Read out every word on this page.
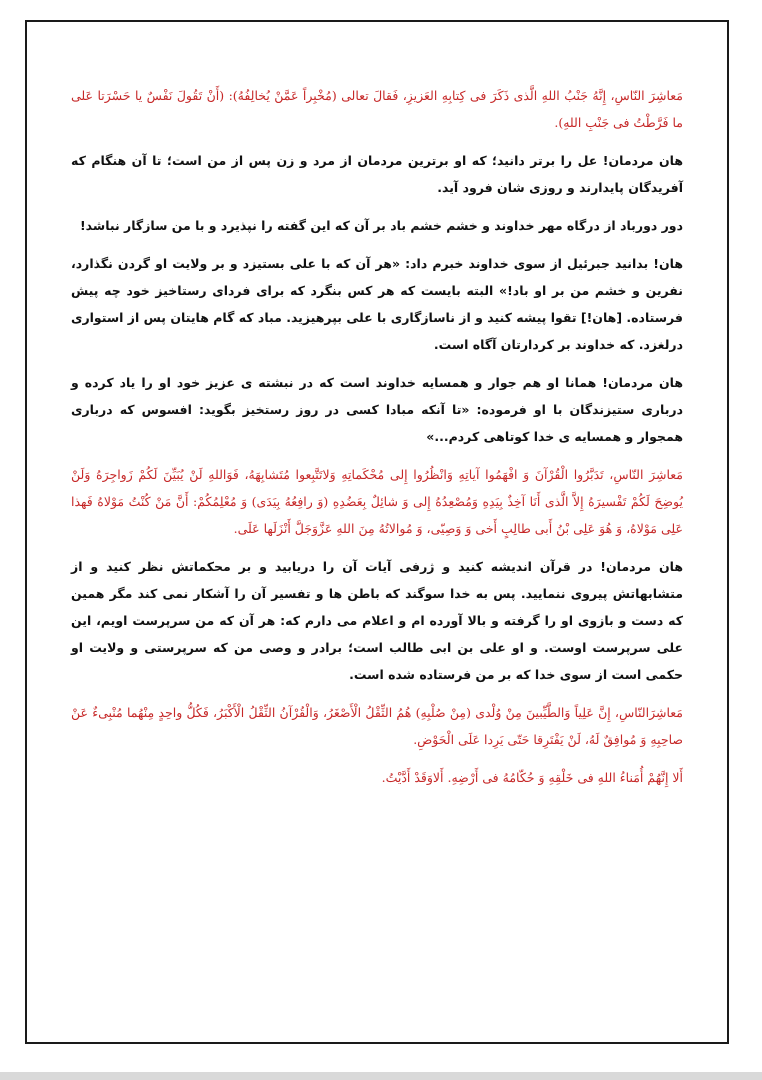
مَعاشِرَ النّاسِ، إِنَّهُ جَنْبُ اللهِ الَّذی ذَکَرَ فی کِتابِهِ العَزیزِ، فَقالَ تعالی (مُخْبِراً عَمَّنْ یُخالِفُهُ): (أَنْ تَقُولَ نَفْسٌ یا حَسْرَتا عَلی ما فَرَّطْتُ فی جَنْبِ اللهِ).

هان مردمان! عل را برتر دانید؛ كه او برترين مردمان از مرد و زن پس از من است؛ تا آن هنگام كه آفريدگان پايدارند و روزى شان فرود آيد.

دور دورباد از درگاه مهر خداوند و خشم خشم باد بر آن كه اين گفته را نپذيرد و با من سازگار نباشد!

هان! بدانيد جبرئيل از سوى خداوند خبرم داد: «هر آن كه با على بستيزد و بر ولايت او گردن نگذارد، نفرين و خشم من بر او باد!» البته بايست كه هر كس بنگرد كه براى فرداى رستاخيز خود چه پيش فرستاده. [هان!] تقوا پيشه كنيد و از ناسازگارى با على بپرهيزيد. مباد كه گام هايتان پس از استوارى درلغزد. كه خداوند بر كردارتان آگاه است.

هان مردمان! همانا او هم جوار و همسايه خداوند است كه در نبشته ى عزيز خود او را ياد كرده و دربارى ستيزندگان با او فرموده: «تا آنكه مبادا كسى در روز رستخيز بگويد: افسوس كه دربارى همجوار و همسايه ى خدا كوتاهى كردم...»

مَعاشِرَ النّاسِ، تَدَبَّرُوا الْقُرْآنَ وَ افْهَمُوا آیاتِهِ وَانْظُرُوا إِلی مُحْکَماتِهِ وَلاتَتَّبِعوا مُتَشابِهَهُ، فَوَاللهِ لَنْ یُبَیِّنَ لَکُمْ زَواجِرَهُ وَلَنْ یُوضِحَ لَکُمْ تَفْسیرَهُ إِلاَّ الَّذی أَنَا آخِذٌ بِیَدِهِ وَمُصْعِدُهُ إِلی وَ شائِلٌ بِعَضُدِهِ (وَ رافِعُهُ بِیَدَی) وَ مُعْلِمُکُمْ: أَنَّ مَنْ کُنْتُ مَوْلاهُ فَهذا عَلِی مَوْلاهُ، وَ هُوَ عَلِی بْنُ أَبی طالِبٍ أَخی وَ وَصِیّی، وَ مُوالاتُهُ مِنَ اللهِ عَزَّوَجَلَّ أَنْزَلَها عَلَی.

هان مردمان! در قرآن انديشه كنيد و ژرفى آيات آن را دريابيد و بر محكماتش نظر كنيد و از متشابهاتش پيروى ننماييد. پس به خدا سوگند كه باطن ها و تفسير آن را آشكار نمى كند مگر همين كه دست و بازوى او را گرفته و بالا آورده ام و اعلام مى دارم كه: هر آن كه من سرپرست اويم، اين على سرپرست اوست. و او على بن ابى طالب است؛ برادر و وصى من كه سرپرستى و ولايت او حكمى است از سوى خدا كه بر من فرستاده شده است.

مَعاشِرَالنّاسِ، إِنَّ عَلِیاً وَالطَّیِّبینَ مِنْ وُلْدی (مِنْ صُلْبِهِ) هُمُ الثِّقْلُ الْأَصْغَرُ، وَالْقُرْآنُ الثِّقْلُ الْأَکْبَرُ، فَکُلُّ واحِدٍ مِنْهُما مُنْبِیءٌ عَنْ صاحِبِهِ وَ مُوافِقٌ لَهُ، لَنْ یَفْتَرِقا حَتّی یَرِدا عَلَی الْحَوْضِ.

أَلا إِنَّهُمْ أُمَناءُ اللهِ فی خَلْقِهِ وَ حُکّامُهُ فی أَرْضِهِ. أَلاوَقَدْ أَدَّیْتُ.
